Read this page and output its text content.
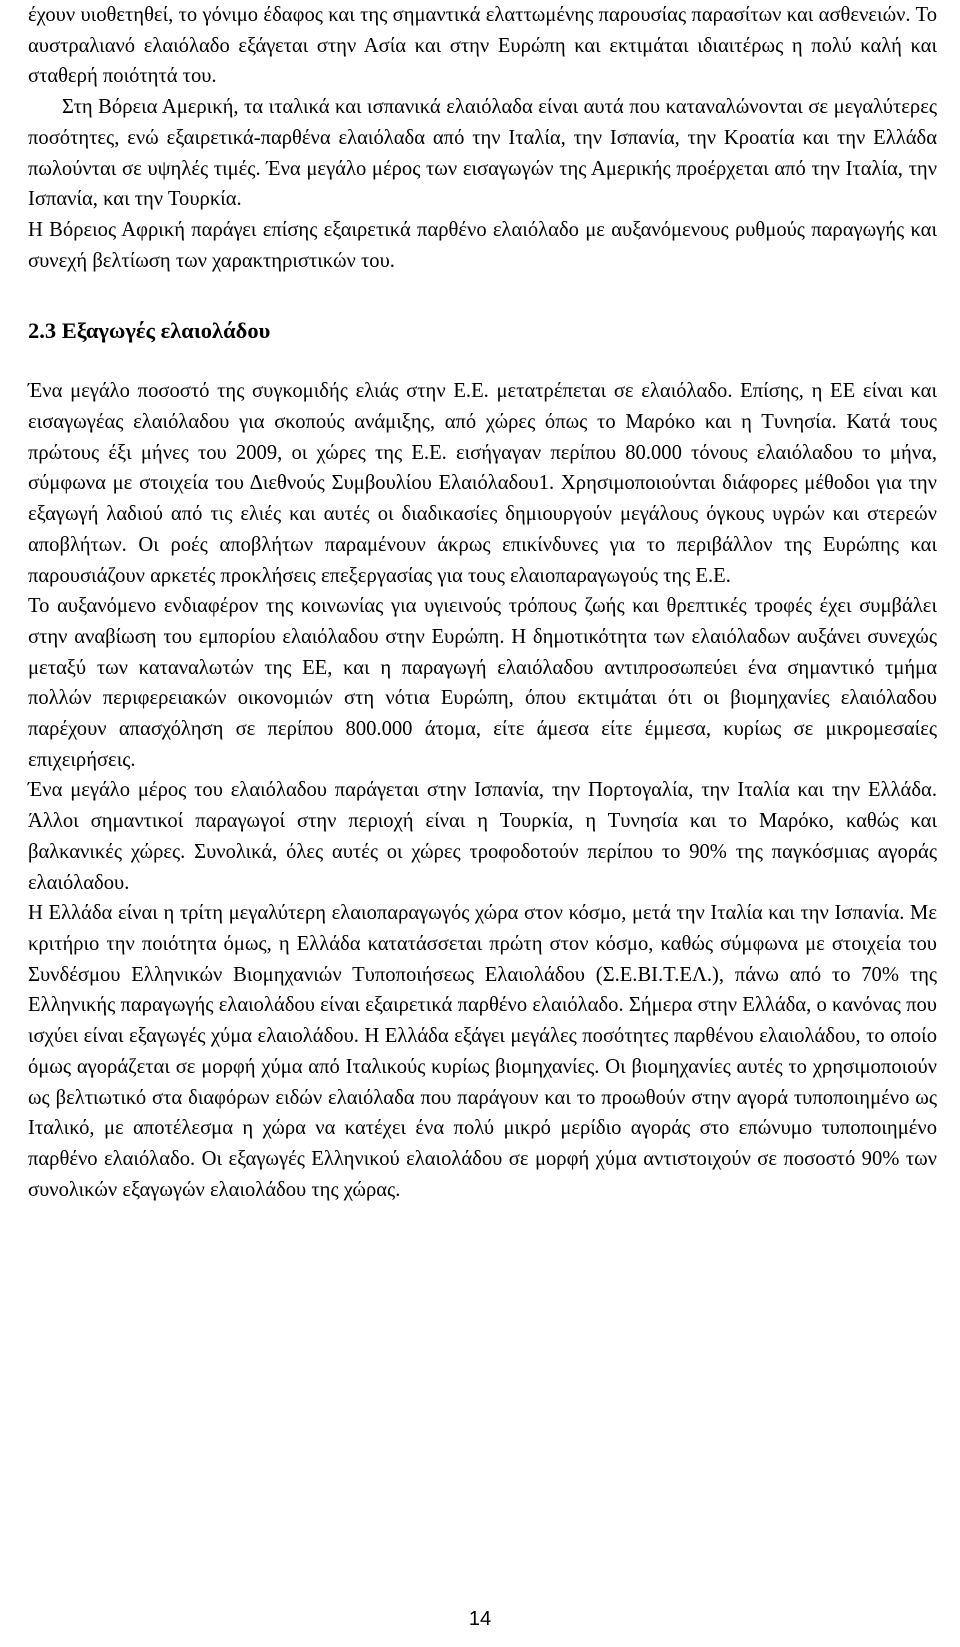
έχουν υιοθετηθεί, το γόνιμο έδαφος και της σημαντικά ελαττωμένης παρουσίας παρασίτων και ασθενειών. Το αυστραλιανό ελαιόλαδο εξάγεται στην Ασία και στην Ευρώπη και εκτιμάται ιδιαιτέρως η πολύ καλή και σταθερή ποιότητά του.

Στη Βόρεια Αμερική, τα ιταλικά και ισπανικά ελαιόλαδα είναι αυτά που καταναλώνονται σε μεγαλύτερες ποσότητες, ενώ εξαιρετικά-παρθένα ελαιόλαδα από την Ιταλία, την Ισπανία, την Κροατία και την Ελλάδα πωλούνται σε υψηλές τιμές. Ένα μεγάλο μέρος των εισαγωγών της Αμερικής προέρχεται από την Ιταλία, την Ισπανία, και την Τουρκία.

Η Βόρειος Αφρική παράγει επίσης εξαιρετικά παρθένο ελαιόλαδο με αυξανόμενους ρυθμούς παραγωγής και συνεχή βελτίωση των χαρακτηριστικών του.

2.3 Εξαγωγές ελαιολάδου

Ένα μεγάλο ποσοστό της συγκομιδής ελιάς στην Ε.Ε. μετατρέπεται σε ελαιόλαδο. Επίσης, η ΕΕ είναι και εισαγωγέας ελαιόλαδου για σκοπούς ανάμιξης, από χώρες όπως το Μαρόκο και η Τυνησία. Κατά τους πρώτους έξι μήνες του 2009, οι χώρες της Ε.Ε. εισήγαγαν περίπου 80.000 τόνους ελαιόλαδου το μήνα, σύμφωνα με στοιχεία του Διεθνούς Συμβουλίου Ελαιόλαδου1. Χρησιμοποιούνται διάφορες μέθοδοι για την εξαγωγή λαδιού από τις ελιές και αυτές οι διαδικασίες δημιουργούν μεγάλους όγκους υγρών και στερεών αποβλήτων. Οι ροές αποβλήτων παραμένουν άκρως επικίνδυνες για το περιβάλλον της Ευρώπης και παρουσιάζουν αρκετές προκλήσεις επεξεργασίας για τους ελαιοπαραγωγούς της Ε.Ε.

Το αυξανόμενο ενδιαφέρον της κοινωνίας για υγιεινούς τρόπους ζωής και θρεπτικές τροφές έχει συμβάλει στην αναβίωση του εμπορίου ελαιόλαδου στην Ευρώπη. Η δημοτικότητα των ελαιόλαδων αυξάνει συνεχώς μεταξύ των καταναλωτών της ΕΕ, και η παραγωγή ελαιόλαδου αντιπροσωπεύει ένα σημαντικό τμήμα πολλών περιφερειακών οικονομιών στη νότια Ευρώπη, όπου εκτιμάται ότι οι βιομηχανίες ελαιόλαδου παρέχουν απασχόληση σε περίπου 800.000 άτομα, είτε άμεσα είτε έμμεσα, κυρίως σε μικρομεσαίες επιχειρήσεις.

Ένα μεγάλο μέρος του ελαιόλαδου παράγεται στην Ισπανία, την Πορτογαλία, την Ιταλία και την Ελλάδα. Άλλοι σημαντικοί παραγωγοί στην περιοχή είναι η Τουρκία, η Τυνησία και το Μαρόκο, καθώς και βαλκανικές χώρες. Συνολικά, όλες αυτές οι χώρες τροφοδοτούν περίπου το 90% της παγκόσμιας αγοράς ελαιόλαδου.

Η Ελλάδα είναι η τρίτη μεγαλύτερη ελαιοπαραγωγός χώρα στον κόσμο, μετά την Ιταλία και την Ισπανία. Με κριτήριο την ποιότητα όμως, η Ελλάδα κατατάσσεται πρώτη στον κόσμο, καθώς σύμφωνα με στοιχεία του Συνδέσμου Ελληνικών Βιομηχανιών Τυποποιήσεως Ελαιολάδου (Σ.Ε.ΒΙ.Τ.ΕΛ.), πάνω από το 70% της Ελληνικής παραγωγής ελαιολάδου είναι εξαιρετικά παρθένο ελαιόλαδο. Σήμερα στην Ελλάδα, ο κανόνας που ισχύει είναι εξαγωγές χύμα ελαιολάδου. Η Ελλάδα εξάγει μεγάλες ποσότητες παρθένου ελαιολάδου, το οποίο όμως αγοράζεται σε μορφή χύμα από Ιταλικούς κυρίως βιομηχανίες. Οι βιομηχανίες αυτές το χρησιμοποιούν ως βελτιωτικό στα διαφόρων ειδών ελαιόλαδα που παράγουν και το προωθούν στην αγορά τυποποιημένο ως Ιταλικό, με αποτέλεσμα η χώρα να κατέχει ένα πολύ μικρό μερίδιο αγοράς στο επώνυμο τυποποιημένο παρθένο ελαιόλαδο. Οι εξαγωγές Ελληνικού ελαιολάδου σε μορφή χύμα αντιστοιχούν σε ποσοστό 90% των συνολικών εξαγωγών ελαιολάδου της χώρας.

14
